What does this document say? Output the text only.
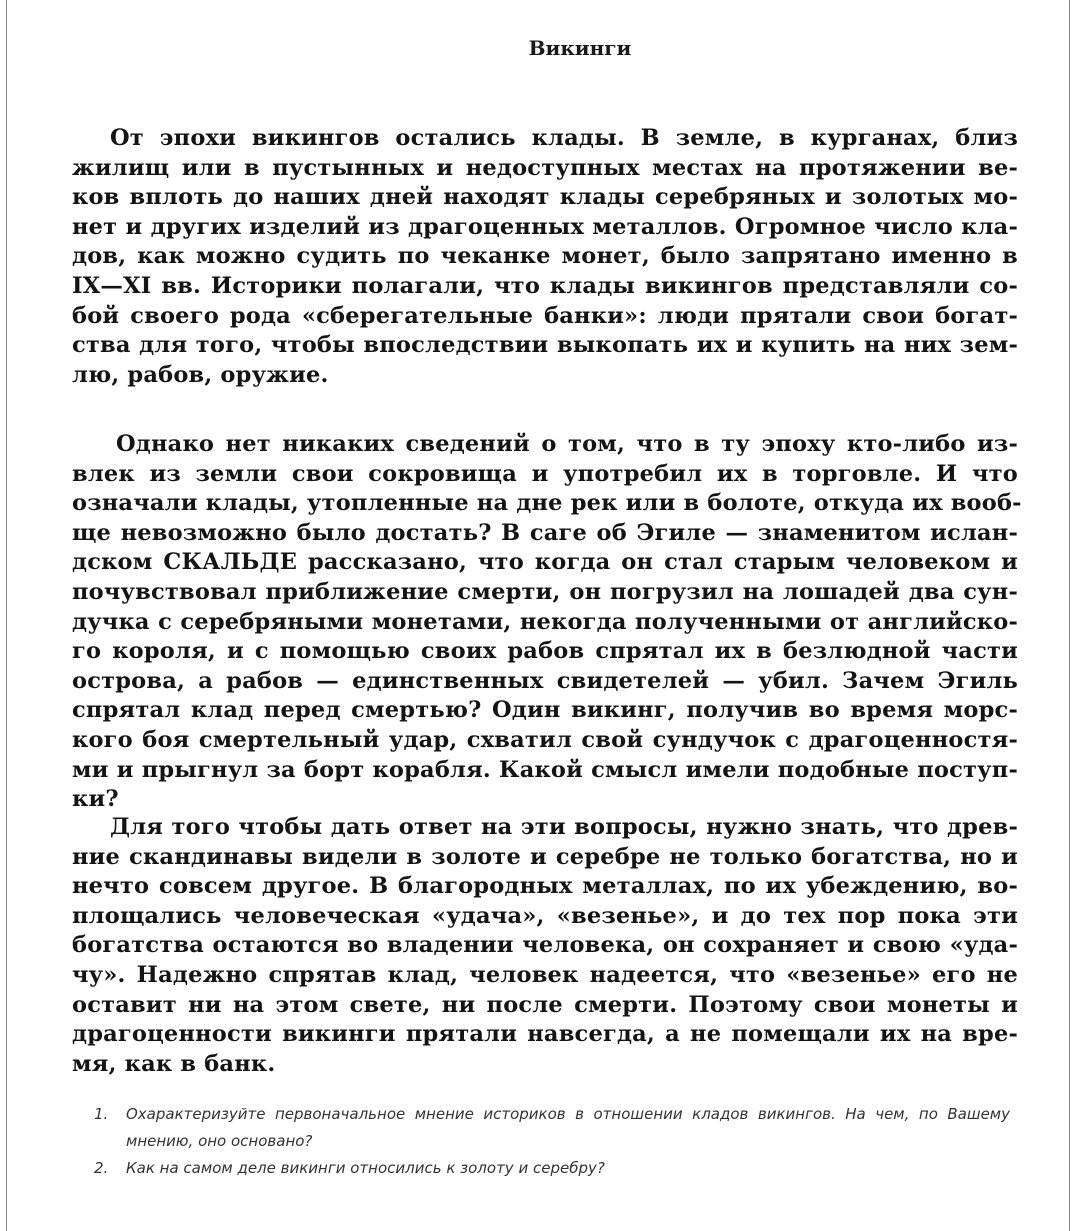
Викинги
От эпохи викингов остались клады. В земле, в курганах, близ
жилищ или в пустынных и недоступных местах на протяжении ве-
ков вплоть до наших дней находят клады серебряных и золотых мо-
нет и других изделий из драгоценных металлов. Огромное число кла-
дов, как можно судить по чеканке монет, было запрятано именно в
IX—XI вв. Историки полагали, что клады викингов представляли со-
бой своего рода «сберегательные банки»: люди прятали свои богат-
ства для того, чтобы впоследствии выкопать их и купить на них зем-
лю, рабов, оружие.
Однако нет никаких сведений о том, что в ту эпоху кто-либо из-
влек из земли свои сокровища и употребил их в торговле. И что
означали клады, утопленные на дне рек или в болоте, откуда их вооб-
ще невозможно было достать? В саге об Эгиле — знаменитом ислан-
дском СКАЛЬДЕ рассказано, что когда он стал старым человеком и
почувствовал приближение смерти, он погрузил на лошадей два сун-
дучка с серебряными монетами, некогда полученными от английско-
го короля, и с помощью своих рабов спрятал их в безлюдной части
острова, а рабов — единственных свидетелей — убил. Зачем Эгиль
спрятал клад перед смертью? Один викинг, получив во время морс-
кого боя смертельный удар, схватил свой сундучок с драгоценностя-
ми и прыгнул за борт корабля. Какой смысл имели подобные поступ-
ки?
Для того чтобы дать ответ на эти вопросы, нужно знать, что древ-
ние скандинавы видели в золоте и серебре не только богатства, но и
нечто совсем другое. В благородных металлах, по их убеждению, во-
площались человеческая «удача», «везенье», и до тех пор пока эти
богатства остаются во владении человека, он сохраняет и свою «уда-
чу». Надежно спрятав клад, человек надеется, что «везенье» его не
оставит ни на этом свете, ни после смерти. Поэтому свои монеты и
драгоценности викинги прятали навсегда, а не помещали их на вре-
мя, как в банк.
1. Охарактеризуйте первоначальное мнение историков в отношении кладов викингов. На чем, по Вашему мнению, оно основано?
2. Как на самом деле викинги относились к золоту и серебру?
